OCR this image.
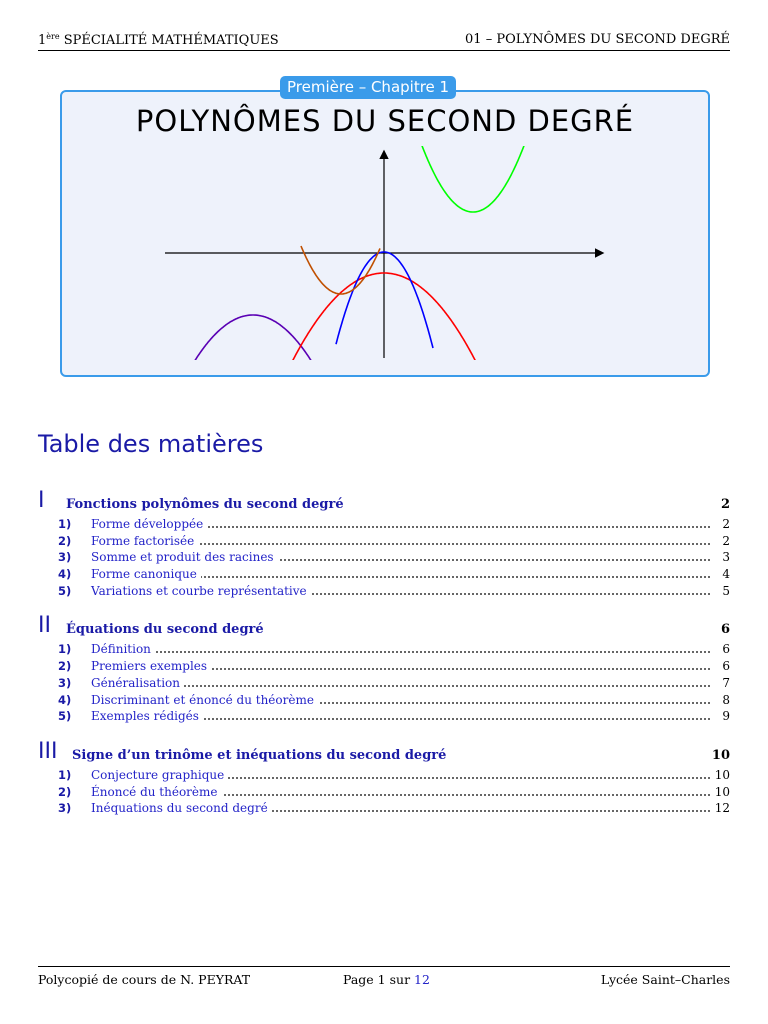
1ère SPÉCIALITÉ MATHÉMATIQUES	01 – POLYNÔMES DU SECOND DEGRÉ
Première – Chapitre 1
POLYNÔMES DU SECOND DEGRÉ
Table des matières
I Fonctions polynômes du second degré	2
1) Forme développée	2
2) Forme factorisée	2
3) Somme et produit des racines	3
4) Forme canonique	4
5) Variations et courbe représentative	5
II Équations du second degré	6
1) Définition	6
2) Premiers exemples	6
3) Généralisation	7
4) Discriminant et énoncé du théorème	8
5) Exemples rédigés	9
III Signe d’un trinôme et inéquations du second degré	10
1) Conjecture graphique	10
2) Énoncé du théorème	10
3) Inéquations du second degré	12
Polycopié de cours de N. PEYRAT	Page 1 sur 12	Lycée Saint–Charles
